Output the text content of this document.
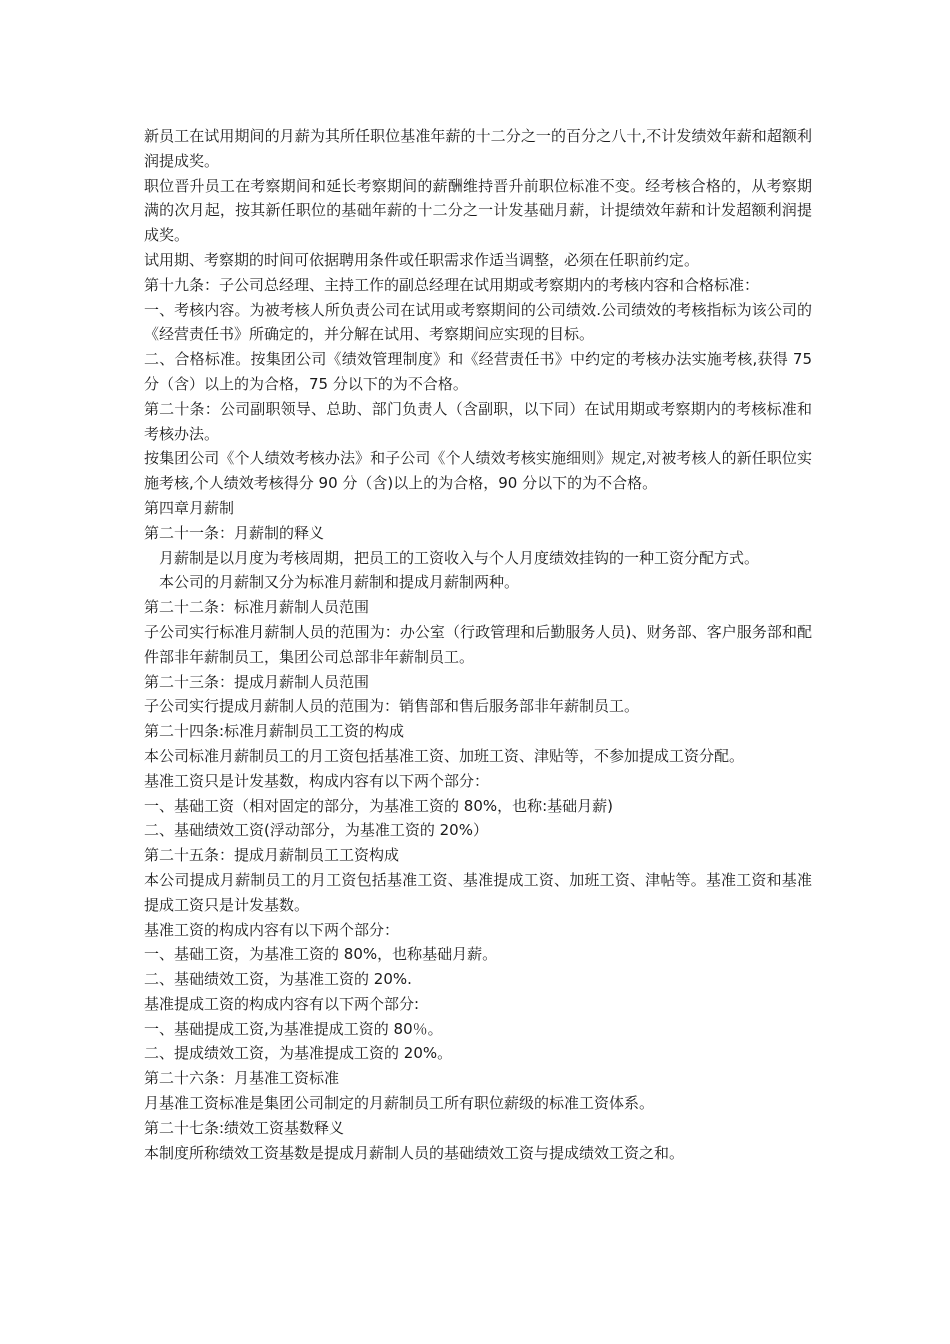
新员工在试用期间的月薪为其所任职位基准年薪的十二分之一的百分之八十,不计发绩效年薪和超额利润提成奖。

职位晋升员工在考察期间和延长考察期间的薪酬维持晋升前职位标准不变。经考核合格的，从考察期满的次月起，按其新任职位的基础年薪的十二分之一计发基础月薪，计提绩效年薪和计发超额利润提成奖。

试用期、考察期的时间可依据聘用条件或任职需求作适当调整，必须在任职前约定。

第十九条：子公司总经理、主持工作的副总经理在试用期或考察期内的考核内容和合格标准：

一、考核内容。为被考核人所负责公司在试用或考察期间的公司绩效.公司绩效的考核指标为该公司的《经营责任书》所确定的，并分解在试用、考察期间应实现的目标。

二、合格标准。按集团公司《绩效管理制度》和《经营责任书》中约定的考核办法实施考核,获得 75 分（含）以上的为合格，75 分以下的为不合格。

第二十条：公司副职领导、总助、部门负责人（含副职，以下同）在试用期或考察期内的考核标准和考核办法。

按集团公司《个人绩效考核办法》和子公司《个人绩效考核实施细则》规定,对被考核人的新任职位实施考核,个人绩效考核得分 90 分（含)以上的为合格，90 分以下的为不合格。

第四章月薪制

第二十一条：月薪制的释义

月薪制是以月度为考核周期，把员工的工资收入与个人月度绩效挂钩的一种工资分配方式。

本公司的月薪制又分为标准月薪制和提成月薪制两种。

第二十二条：标准月薪制人员范围

子公司实行标准月薪制人员的范围为：办公室（行政管理和后勤服务人员)、财务部、客户服务部和配件部非年薪制员工，集团公司总部非年薪制员工。

第二十三条：提成月薪制人员范围

子公司实行提成月薪制人员的范围为：销售部和售后服务部非年薪制员工。

第二十四条:标准月薪制员工工资的构成

本公司标准月薪制员工的月工资包括基准工资、加班工资、津贴等，不参加提成工资分配。

基准工资只是计发基数，构成内容有以下两个部分：

一、基础工资（相对固定的部分，为基准工资的 80%，也称:基础月薪)

二、基础绩效工资(浮动部分，为基准工资的 20%）

第二十五条：提成月薪制员工工资构成

本公司提成月薪制员工的月工资包括基准工资、基准提成工资、加班工资、津帖等。基准工资和基准提成工资只是计发基数。

基准工资的构成内容有以下两个部分：

一、基础工资，为基准工资的 80%，也称基础月薪。

二、基础绩效工资，为基准工资的 20%.

基准提成工资的构成内容有以下两个部分:

一、基础提成工资,为基准提成工资的 80％。

二、提成绩效工资，为基准提成工资的 20%。

第二十六条：月基准工资标准

月基准工资标准是集团公司制定的月薪制员工所有职位薪级的标准工资体系。

第二十七条:绩效工资基数释义

本制度所称绩效工资基数是提成月薪制人员的基础绩效工资与提成绩效工资之和。
